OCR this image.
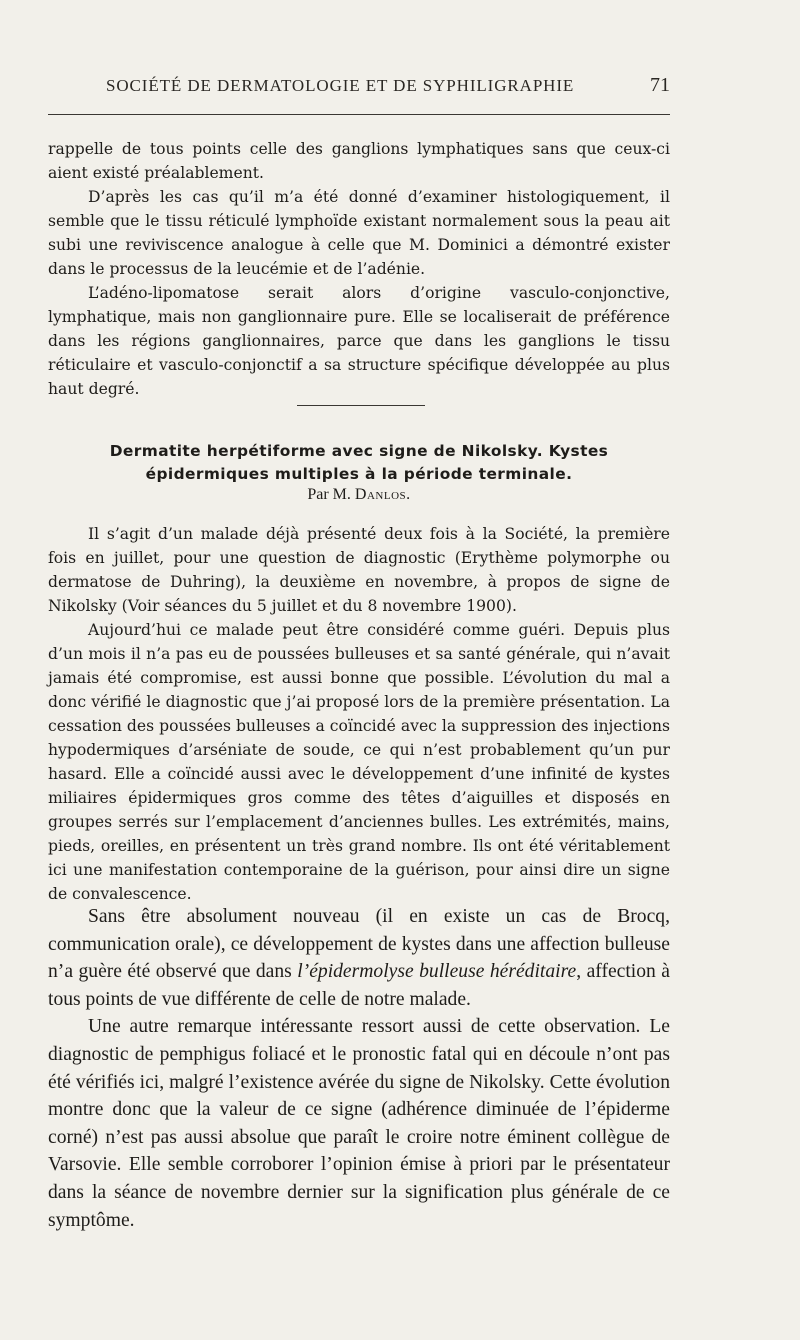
SOCIÉTÉ DE DERMATOLOGIE ET DE SYPHILIGRAPHIE	71

rappelle de tous points celle des ganglions lymphatiques sans que ceux-ci aient existé préalablement.

D’après les cas qu’il m’a été donné d’examiner histologiquement, il semble que le tissu réticulé lymphoïde existant normalement sous la peau ait subi une reviviscence analogue à celle que M. Dominici a démontré exister dans le processus de la leucémie et de l’adénie.

L’adéno-lipomatose serait alors d’origine vasculo-conjonctive, lymphatique, mais non ganglionnaire pure. Elle se localiserait de préférence dans les régions ganglionnaires, parce que dans les ganglions le tissu réticulaire et vasculo-conjonctif a sa structure spécifique développée au plus haut degré.

Dermatite herpétiforme avec signe de Nikolsky. Kystes épidermiques multiples à la période terminale.
Par M. Danlos.

Il s’agit d’un malade déjà présenté deux fois à la Société, la première fois en juillet, pour une question de diagnostic (Erythème polymorphe ou dermatose de Duhring), la deuxième en novembre, à propos de signe de Nikolsky (Voir séances du 5 juillet et du 8 novembre 1900).

Aujourd’hui ce malade peut être considéré comme guéri. Depuis plus d’un mois il n’a pas eu de poussées bulleuses et sa santé générale, qui n’avait jamais été compromise, est aussi bonne que possible. L’évolution du mal a donc vérifié le diagnostic que j’ai proposé lors de la première présentation. La cessation des poussées bulleuses a coïncidé avec la suppression des injections hypodermiques d’arséniate de soude, ce qui n’est probablement qu’un pur hasard. Elle a coïncidé aussi avec le développement d’une infinité de kystes miliaires épidermiques gros comme des têtes d’aiguilles et disposés en groupes serrés sur l’emplacement d’anciennes bulles. Les extrémités, mains, pieds, oreilles, en présentent un très grand nombre. Ils ont été véritablement ici une manifestation contemporaine de la guérison, pour ainsi dire un signe de convalescence.

Sans être absolument nouveau (il en existe un cas de Brocq, communication orale), ce développement de kystes dans une affection bulleuse n’a guère été observé que dans l’épidermolyse bulleuse héréditaire, affection à tous points de vue différente de celle de notre malade.

Une autre remarque intéressante ressort aussi de cette observation. Le diagnostic de pemphigus foliacé et le pronostic fatal qui en découle n’ont pas été vérifiés ici, malgré l’existence avérée du signe de Nikolsky. Cette évolution montre donc que la valeur de ce signe (adhérence diminuée de l’épiderme corné) n’est pas aussi absolue que paraît le croire notre éminent collègue de Varsovie. Elle semble corroborer l’opinion émise à priori par le présentateur dans la séance de novembre dernier sur la signification plus générale de ce symptôme.
